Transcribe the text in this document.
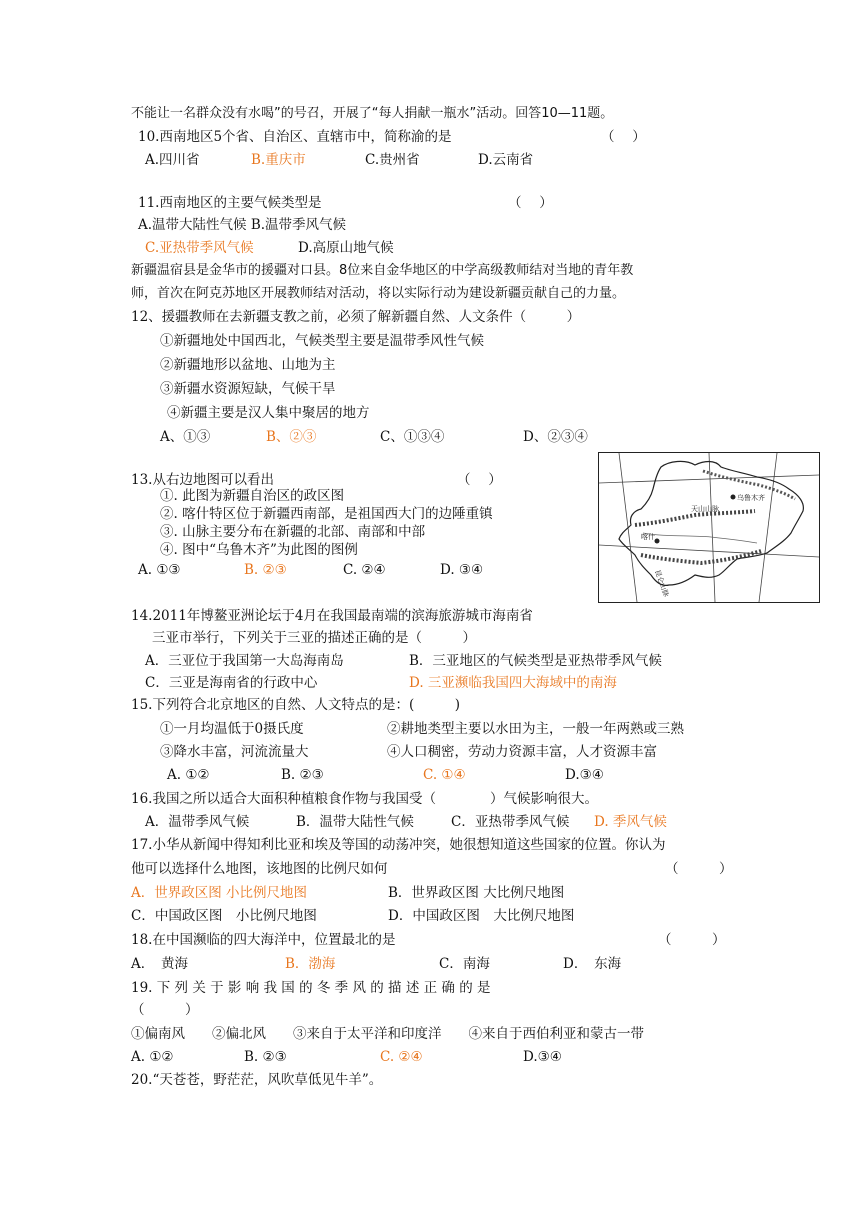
不能让一名群众没有水喝”的号召，开展了“每人捐献一瓶水”活动。回答10—11题。
10.西南地区5个省、自治区、直辖市中，简称渝的是	（　 ）
A.四川省	B.重庆市	C.贵州省	D.云南省
11.西南地区的主要气候类型是	（　 ）
A.温带大陆性气候 B.温带季风气候
C.亚热带季风气候	D.高原山地气候
新疆温宿县是金华市的援疆对口县。8位来自金华地区的中学高级教师结对当地的青年教
师，首次在阿克苏地区开展教师结对活动，将以实际行动为建设新疆贡献自己的力量。
12、援疆教师在去新疆支教之前，必须了解新疆自然、人文条件（　　　）
①新疆地处中国西北，气候类型主要是温带季风性气候
②新疆地形以盆地、山地为主
③新疆水资源短缺，气候干旱
④新疆主要是汉人集中聚居的地方
A、①③	B、②③	C、①③④	D、②③④
13.从右边地图可以看出	（　 ）
①. 此图为新疆自治区的政区图
②. 喀什特区位于新疆西南部，是祖国西大门的边陲重镇
③. 山脉主要分布在新疆的北部、南部和中部
④. 图中“乌鲁木齐”为此图的图例
A. ①③	B. ②③	C. ②④	D. ③④
乌鲁木齐
天山山脉
喀什
昆仑山脉
14.2011年博鳌亚洲论坛于4月在我国最南端的滨海旅游城市海南省
三亚市举行，下列关于三亚的描述正确的是（　　　）
A．三亚位于我国第一大岛海南岛	B．三亚地区的气候类型是亚热带季风气候
C．三亚是海南省的行政中心	D. 三亚濒临我国四大海域中的南海
15.下列符合北京地区的自然、人文特点的是：(　　　)
①一月均温低于0摄氏度	②耕地类型主要以水田为主，一般一年两熟或三熟
③降水丰富，河流流量大	④人口稠密，劳动力资源丰富，人才资源丰富
A. ①②	B. ②③	C. ①④	D.③④
16.我国之所以适合大面积种植粮食作物与我国受（　　　　）气候影响很大。
A．温带季风气候	B．温带大陆性气候	C．亚热带季风气候 D. 季风气候
17.小华从新闻中得知利比亚和埃及等国的动荡冲突，她很想知道这些国家的位置。你认为
他可以选择什么地图，该地图的比例尺如何	（　　　）
A．世界政区图 小比例尺地图	B．世界政区图 大比例尺地图
C．中国政区图　小比例尺地图	D．中国政区图　大比例尺地图
18.在中国濒临的四大海洋中，位置最北的是	（　　　）
A．　黄海	B．渤海	C．南海	D．　东海
19. 下 列 关 于 影 响 我 国 的 冬 季 风 的 描 述 正 确 的 是
（　　　）
①偏南风　　②偏北风　　③来自于太平洋和印度洋　　④来自于西伯利亚和蒙古一带
A. ①②	B. ②③	C. ②④	D.③④
20.“天苍苍，野茫茫，风吹草低见牛羊”。
